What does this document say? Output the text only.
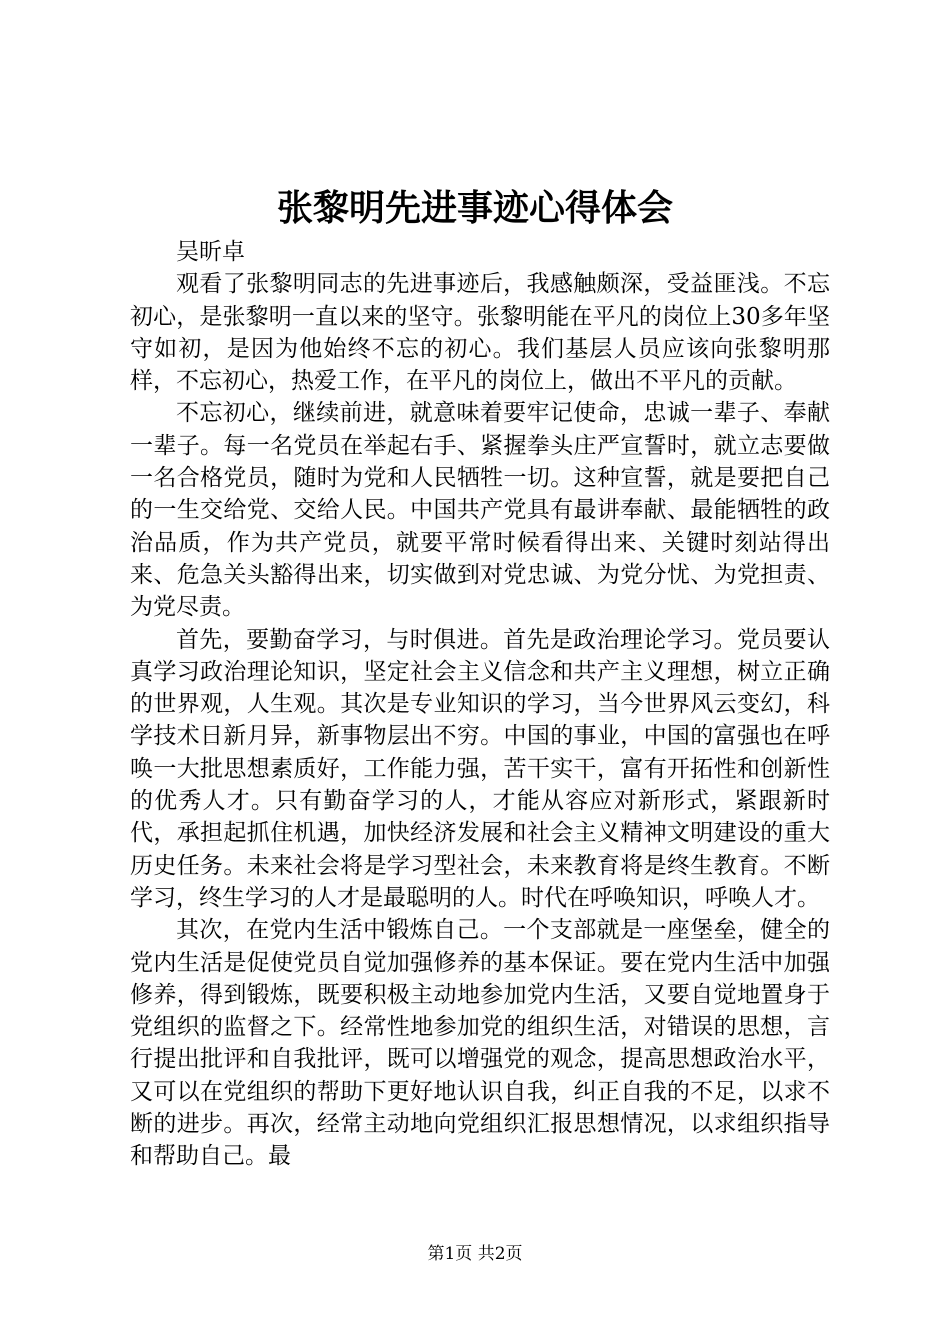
张黎明先进事迹心得体会

吴昕卓

观看了张黎明同志的先进事迹后，我感触颇深，受益匪浅。不忘初心，是张黎明一直以来的坚守。张黎明能在平凡的岗位上30多年坚守如初，是因为他始终不忘的初心。我们基层人员应该向张黎明那样，不忘初心，热爱工作，在平凡的岗位上，做出不平凡的贡献。

不忘初心，继续前进，就意味着要牢记使命，忠诚一辈子、奉献一辈子。每一名党员在举起右手、紧握拳头庄严宣誓时，就立志要做一名合格党员，随时为党和人民牺牲一切。这种宣誓，就是要把自己的一生交给党、交给人民。中国共产党具有最讲奉献、最能牺牲的政治品质，作为共产党员，就要平常时候看得出来、关键时刻站得出来、危急关头豁得出来，切实做到对党忠诚、为党分忧、为党担责、为党尽责。

首先，要勤奋学习，与时俱进。首先是政治理论学习。党员要认真学习政治理论知识，坚定社会主义信念和共产主义理想，树立正确的世界观，人生观。其次是专业知识的学习，当今世界风云变幻，科学技术日新月异，新事物层出不穷。中国的事业，中国的富强也在呼唤一大批思想素质好，工作能力强，苦干实干，富有开拓性和创新性的优秀人才。只有勤奋学习的人，才能从容应对新形式，紧跟新时代，承担起抓住机遇，加快经济发展和社会主义精神文明建设的重大历史任务。未来社会将是学习型社会，未来教育将是终生教育。不断学习，终生学习的人才是最聪明的人。时代在呼唤知识，呼唤人才。

其次，在党内生活中锻炼自己。一个支部就是一座堡垒，健全的党内生活是促使党员自觉加强修养的基本保证。要在党内生活中加强修养，得到锻炼，既要积极主动地参加党内生活，又要自觉地置身于党组织的监督之下。经常性地参加党的组织生活，对错误的思想，言行提出批评和自我批评，既可以增强党的观念，提高思想政治水平，又可以在党组织的帮助下更好地认识自我，纠正自我的不足，以求不断的进步。再次，经常主动地向党组织汇报思想情况，以求组织指导和帮助自己。最

第1页 共2页
